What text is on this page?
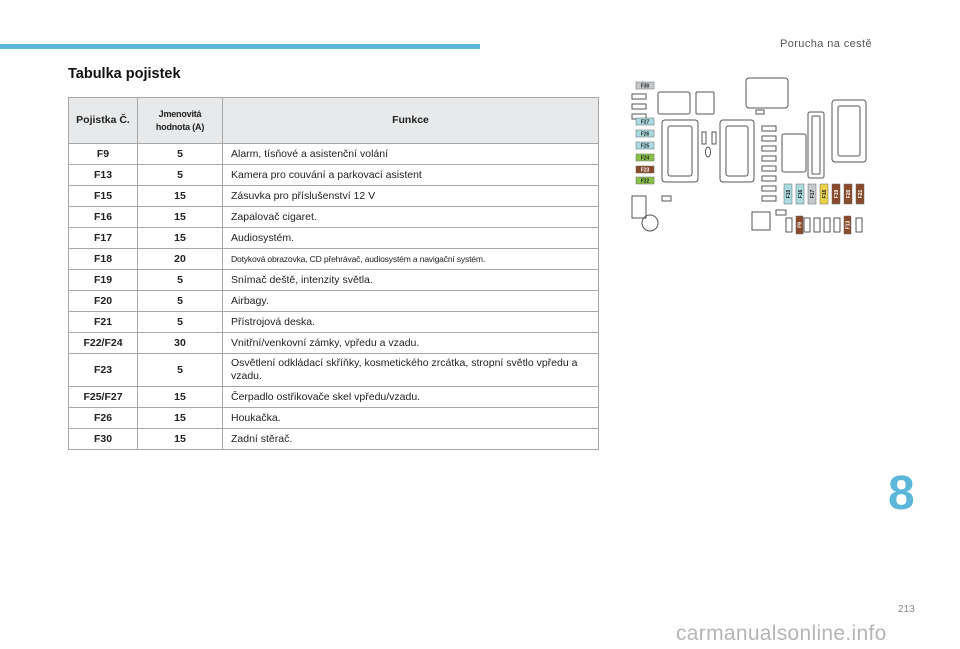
Porucha na cestě
Tabulka pojistek
Pojistka Č.	Jmenovitá hodnota (A)	Funkce
F9	5	Alarm, tísňové a asistenční volání
F13	5	Kamera pro couvání a parkovací asistent
F15	15	Zásuvka pro příslušenství 12 V
F16	15	Zapalovač cigaret.
F17	15	Audiosystém.
F18	20	Dotyková obrazovka, CD přehrávač, audiosystém a navigační systém.
F19	5	Snímač deště, intenzity světla.
F20	5	Airbagy.
F21	5	Přístrojová deska.
F22/F24	30	Vnitřní/venkovní zámky, vpředu a vzadu.
F23	5	Osvětlení odkládací skříňky, kosmetického zrcátka, stropní světlo vpředu a vzadu.
F25/F27	15	Čerpadlo ostřikovače skel vpředu/vzadu.
F26	15	Houkačka.
F30	15	Zadní stěrač.
F30
F27
F26
F25
F24
F23
F22
F15 F16 F17 F18 F19 F20 F21
F9	F13
8
213
carmanualsonline.info
